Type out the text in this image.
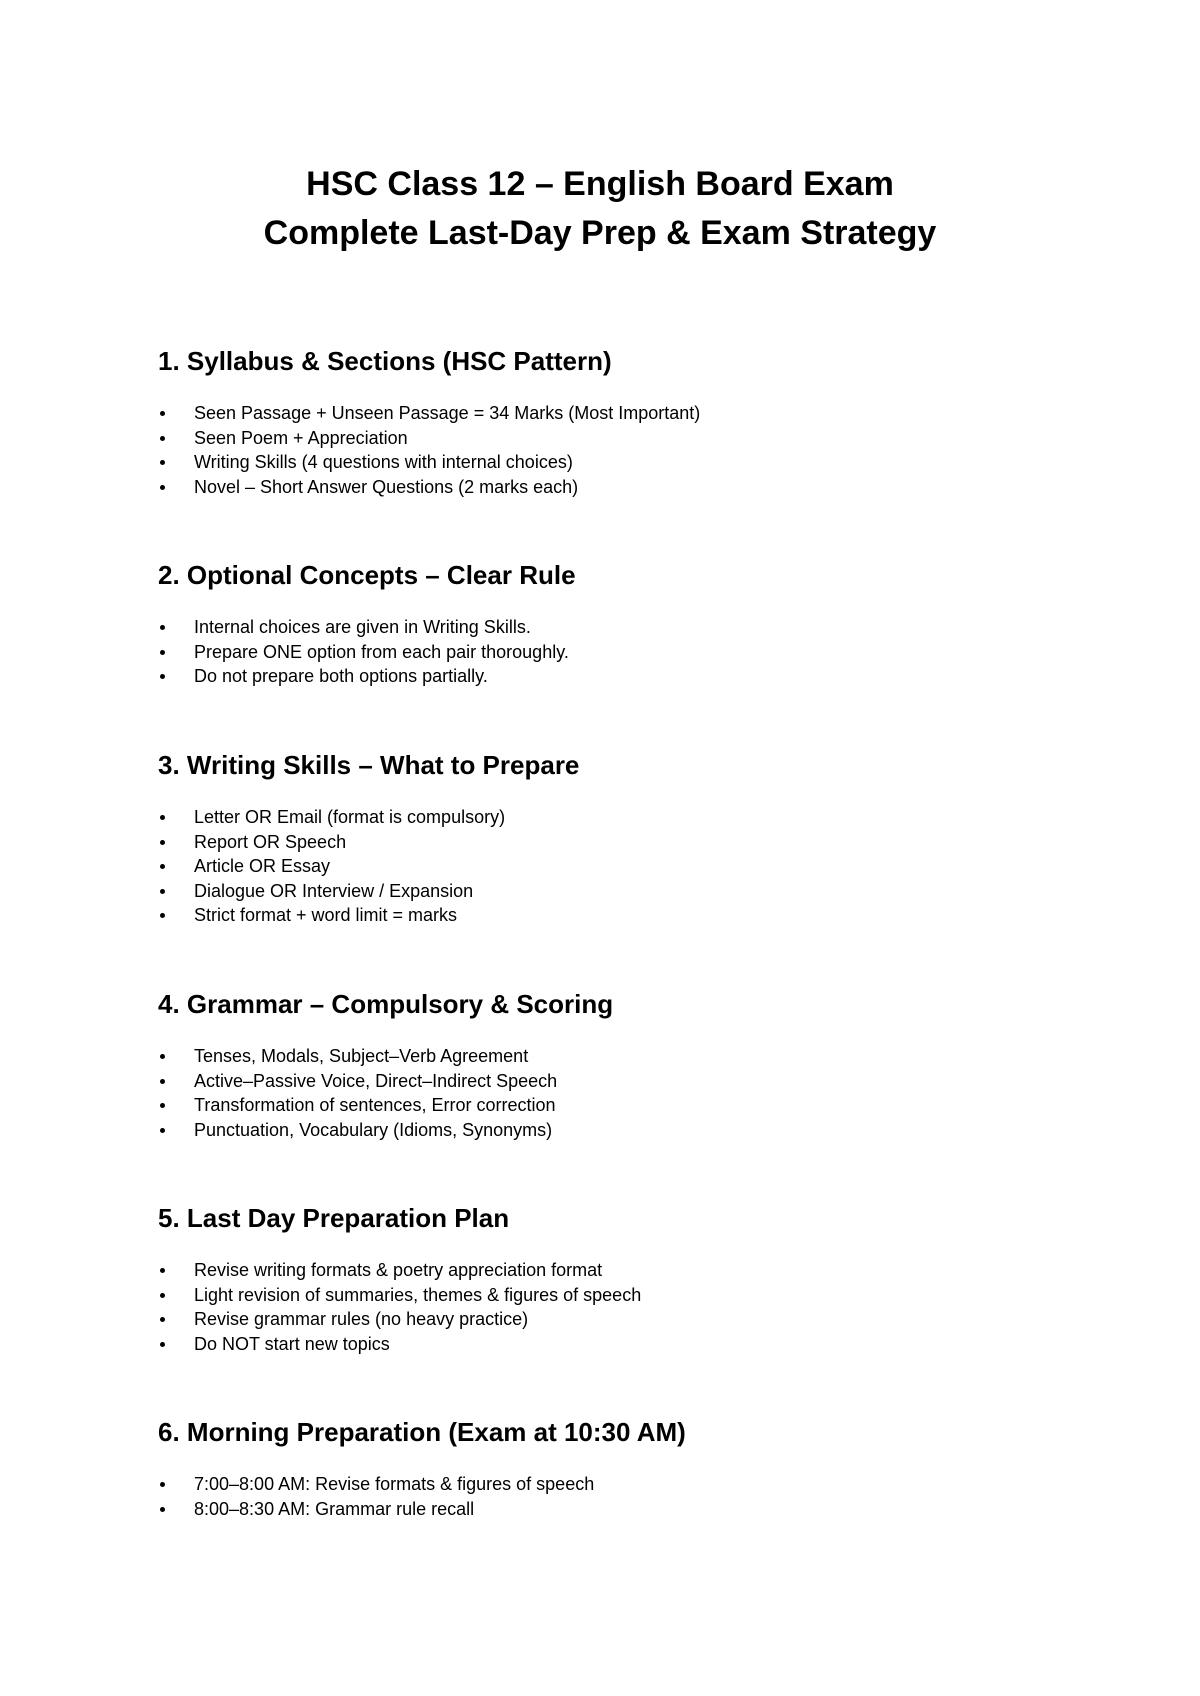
HSC Class 12 – English Board Exam

Complete Last-Day Prep & Exam Strategy

1. Syllabus & Sections (HSC Pattern)
Seen Passage + Unseen Passage = 34 Marks (Most Important)
Seen Poem + Appreciation
Writing Skills (4 questions with internal choices)
Novel – Short Answer Questions (2 marks each)
2. Optional Concepts – Clear Rule
Internal choices are given in Writing Skills.
Prepare ONE option from each pair thoroughly.
Do not prepare both options partially.
3. Writing Skills – What to Prepare
Letter OR Email (format is compulsory)
Report OR Speech
Article OR Essay
Dialogue OR Interview / Expansion
Strict format + word limit = marks
4. Grammar – Compulsory & Scoring
Tenses, Modals, Subject–Verb Agreement
Active–Passive Voice, Direct–Indirect Speech
Transformation of sentences, Error correction
Punctuation, Vocabulary (Idioms, Synonyms)
5. Last Day Preparation Plan
Revise writing formats & poetry appreciation format
Light revision of summaries, themes & figures of speech
Revise grammar rules (no heavy practice)
Do NOT start new topics
6. Morning Preparation (Exam at 10:30 AM)
7:00–8:00 AM: Revise formats & figures of speech
8:00–8:30 AM: Grammar rule recall
